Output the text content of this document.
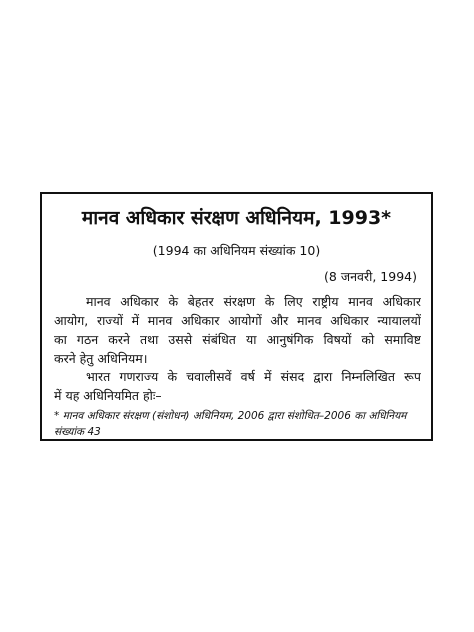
मानव अधिकार संरक्षण अधिनियम, 1993*
(1994 का अधिनियम संख्यांक 10)
(8 जनवरी, 1994)
मानव अधिकार के बेहतर संरक्षण के लिए राष्ट्रीय मानव अधिकार
आयोग, राज्यों में मानव अधिकार आयोगों और मानव अधिकार न्यायालयों
का गठन करने तथा उससे संबंधित या आनुषंगिक विषयों को समाविष्ट
करने हेतु अधिनियम।
भारत गणराज्य के चवालीसवें वर्ष में संसद द्वारा निम्नलिखित रूप
में यह अधिनियमित होः–
* मानव अधिकार संरक्षण (संशोधन) अधिनियम, 2006 द्वारा संशोधित–2006 का अधिनियम
संख्यांक 43
